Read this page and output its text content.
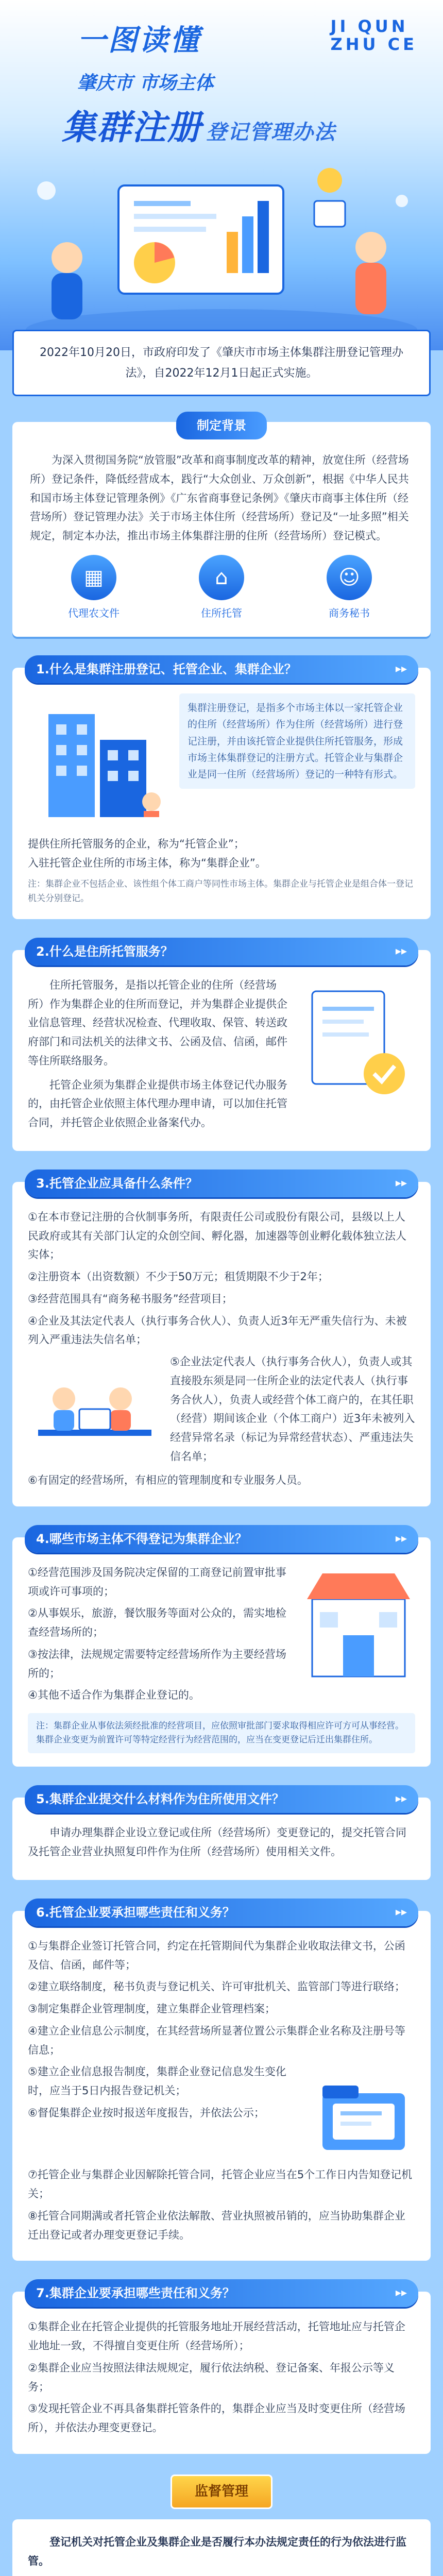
一图读懂	JI QUN
ZHU CE
肇庆市 市场主体
集群注册 登记管理办法

2022年10月20日，市政府印发了《肇庆市市场主体集群注册登记管理办法》，自2022年12月1日起正式实施。

制定背景

为深入贯彻国务院“放管服”改革和商事制度改革的精神，放宽住所（经营场所）登记条件，降低经营成本，践行“大众创业、万众创新”，根据《中华人民共和国市场主体登记管理条例》《广东省商事登记条例》《肇庆市商事主体住所（经营场所）登记管理办法》关于市场主体住所（经营场所）登记及“一址多照”相关规定，制定本办法，推出市场主体集群注册的住所（经营场所）登记模式。

▦
代理农文件
⌂
住所托管
☺
商务秘书
1.什么是集群注册登记、托管企业、集群企业？	▸▸
集群注册登记，是指多个市场主体以一家托管企业的住所（经营场所）作为住所（经营场所）进行登记注册，并由该托管企业提供住所托管服务，形成市场主体集群登记的注册方式。托管企业与集群企业是同一住所（经营场所）登记的一种特有形式。

提供住所托管服务的企业，称为“托管企业”；

入驻托管企业住所的市场主体，称为“集群企业”。

注：集群企业不包括企业、该性组个体工商户等同性市场主体。集群企业与托管企业是组合体一登记机关分别登记。

2.什么是住所托管服务？	▸▸

住所托管服务，是指以托管企业的住所（经营场所）作为集群企业的住所而登记，并为集群企业提供企业信息管理、经营状况检查、代理收取、保管、转送政府部门和司法机关的法律文书、公函及信、信函，邮件等住所联络服务。

托管企业须为集群企业提供市场主体登记代办服务的，由托管企业依照主体代理办理申请，可以加住托管合同，并托管企业依照企业备案代办。

3.托管企业应具备什么条件？	▸▸

①在本市登记注册的合伙制事务所，有限责任公司或股份有限公司，县级以上人民政府或其有关部门认定的众创空间、孵化器，加速器等创业孵化载体独立法人实体；

②注册资本（出资数额）不少于50万元；租赁期限不少于2年；

③经营范围具有“商务秘书服务”经营项目；

④企业及其法定代表人（执行事务合伙人）、负责人近3年无严重失信行为、未被列入严重违法失信名单；

⑤企业法定代表人（执行事务合伙人），负责人或其直接股东须是同一住所企业的法定代表人（执行事务合伙人），负责人或经营个体工商户的，在其任职（经营）期间该企业（个体工商户）近3年未被列入经营异常名录（标记为异常经营状态）、严重违法失信名单；

⑥有固定的经营场所，有相应的管理制度和专业服务人员。

4.哪些市场主体不得登记为集群企业？	▸▸

①经营范围涉及国务院决定保留的工商登记前置审批事项或许可事项的；

②从事娱乐，旅游，餐饮服务等面对公众的，需实地检查经营场所的；

③按法律，法规规定需要特定经营场所作为主要经营场所的；

④其他不适合作为集群企业登记的。

注：集群企业从事依法须经批准的经营项目，应依照审批部门要求取得相应许可方可从事经营。集群企业变更为前置许可等特定经营行为经营范围的，应当在变更登记后迁出集群住所。

5.集群企业提交什么材料作为住所使用文件？	▸▸

申请办理集群企业设立登记或住所（经营场所）变更登记的，提交托管合同及托管企业营业执照复印件作为住所（经营场所）使用相关文件。

6.托管企业要承担哪些责任和义务？	▸▸

①与集群企业签订托管合同，约定在托管期间代为集群企业收取法律文书，公函及信、信函，邮件等；

②建立联络制度，秘书负责与登记机关、许可审批机关、监管部门等进行联络；

③制定集群企业管理制度，建立集群企业管理档案；

④建立企业信息公示制度，在其经营场所显著位置公示集群企业名称及注册号等信息；

⑤建立企业信息报告制度，集群企业登记信息发生变化时，应当于5日内报告登记机关；

⑥督促集群企业按时报送年度报告，并依法公示；

⑦托管企业与集群企业因解除托管合同，托管企业应当在5个工作日内告知登记机关；

⑧托管合同期满或者托管企业依法解散、营业执照被吊销的，应当协助集群企业迁出登记或者办理变更登记手续。

7.集群企业要承担哪些责任和义务？	▸▸

①集群企业在托管企业提供的托管服务地址开展经营活动，托管地址应与托管企业地址一致，不得擅自变更住所（经营场所）；

②集群企业应当按照法律法规规定，履行依法纳税、登记备案、年报公示等义务；

③发现托管企业不再具备集群托管条件的，集群企业应当及时变更住所（经营场所），并依法办理变更登记。

监督管理

登记机关对托管企业及集群企业是否履行本办法规定责任的行为依法进行监管。
